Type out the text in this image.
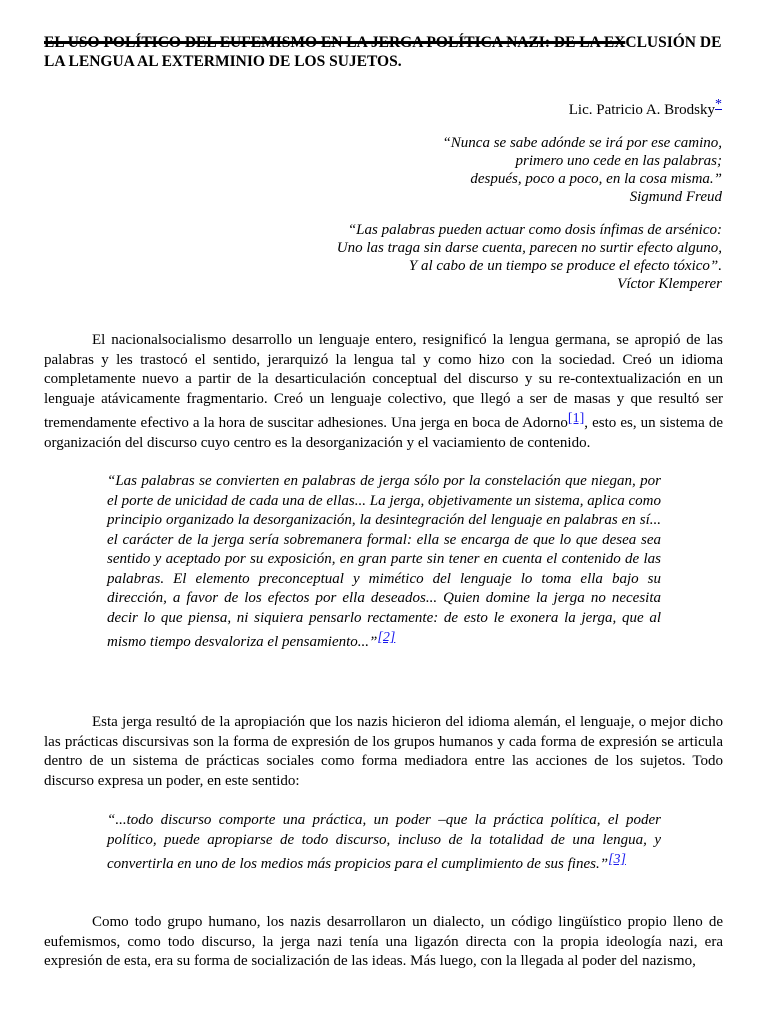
EL USO POLÍTICO DEL EUFEMISMO EN LA JERGA POLÍTICA NAZI: DE LA EXCLUSIÓN DE LA LENGUA AL EXTERMINIO DE LOS SUJETOS.
Lic. Patricio A. Brodsky*
“Nunca se sabe adónde se irá por ese camino,
primero uno cede en las palabras;
después, poco a poco, en la cosa misma.”
Sigmund Freud
“Las palabras pueden actuar como dosis ínfimas de arsénico:
Uno las traga sin darse cuenta, parecen no surtir efecto alguno,
Y al cabo de un tiempo se produce el efecto tóxico”.
Víctor Klemperer

El nacionalsocialismo desarrollo un lenguaje entero, resignificó la lengua germana, se apropió de las palabras y les trastocó el sentido, jerarquizó la lengua tal y como hizo con la sociedad. Creó un idioma completamente nuevo a partir de la desarticulación conceptual del discurso y su re-contextualización en un lenguaje atávicamente fragmentario. Creó un lenguaje colectivo, que llegó a ser de masas y que resultó ser tremendamente efectivo a la hora de suscitar adhesiones. Una jerga en boca de Adorno[1], esto es, un sistema de organización del discurso cuyo centro es la desorganización y el vaciamiento de contenido.

“Las palabras se convierten en palabras de jerga sólo por la constelación que niegan, por el porte de unicidad de cada una de ellas... La jerga, objetivamente un sistema, aplica como principio organizado la desorganización, la desintegración del lenguaje en palabras en sí... el carácter de la jerga sería sobremanera formal: ella se encarga de que lo que desea sea sentido y aceptado por su exposición, en gran parte sin tener en cuenta el contenido de las palabras. El elemento preconceptual y mimético del lenguaje lo toma ella bajo su dirección, a favor de los efectos por ella deseados... Quien domine la jerga no necesita decir lo que piensa, ni siquiera pensarlo rectamente: de esto le exonera la jerga, que al mismo tiempo desvaloriza el pensamiento...”[2]

Esta jerga resultó de la apropiación que los nazis hicieron del idioma alemán, el lenguaje, o mejor dicho las prácticas discursivas son la forma de expresión de los grupos humanos y cada forma de expresión se articula dentro de un sistema de prácticas sociales como forma mediadora entre las acciones de los sujetos. Todo discurso expresa un poder, en este sentido:

“...todo discurso comporte una práctica, un poder –que la práctica política, el poder político, puede apropiarse de todo discurso, incluso de la totalidad de una lengua, y convertirla en uno de los medios más propicios para el cumplimiento de sus fines.”[3]

Como todo grupo humano, los nazis desarrollaron un dialecto, un código lingüístico propio lleno de eufemismos, como todo discurso, la jerga nazi tenía una ligazón directa con la propia ideología nazi, era expresión de esta, era su forma de socialización de las ideas. Más luego, con la llegada al poder del nazismo,
